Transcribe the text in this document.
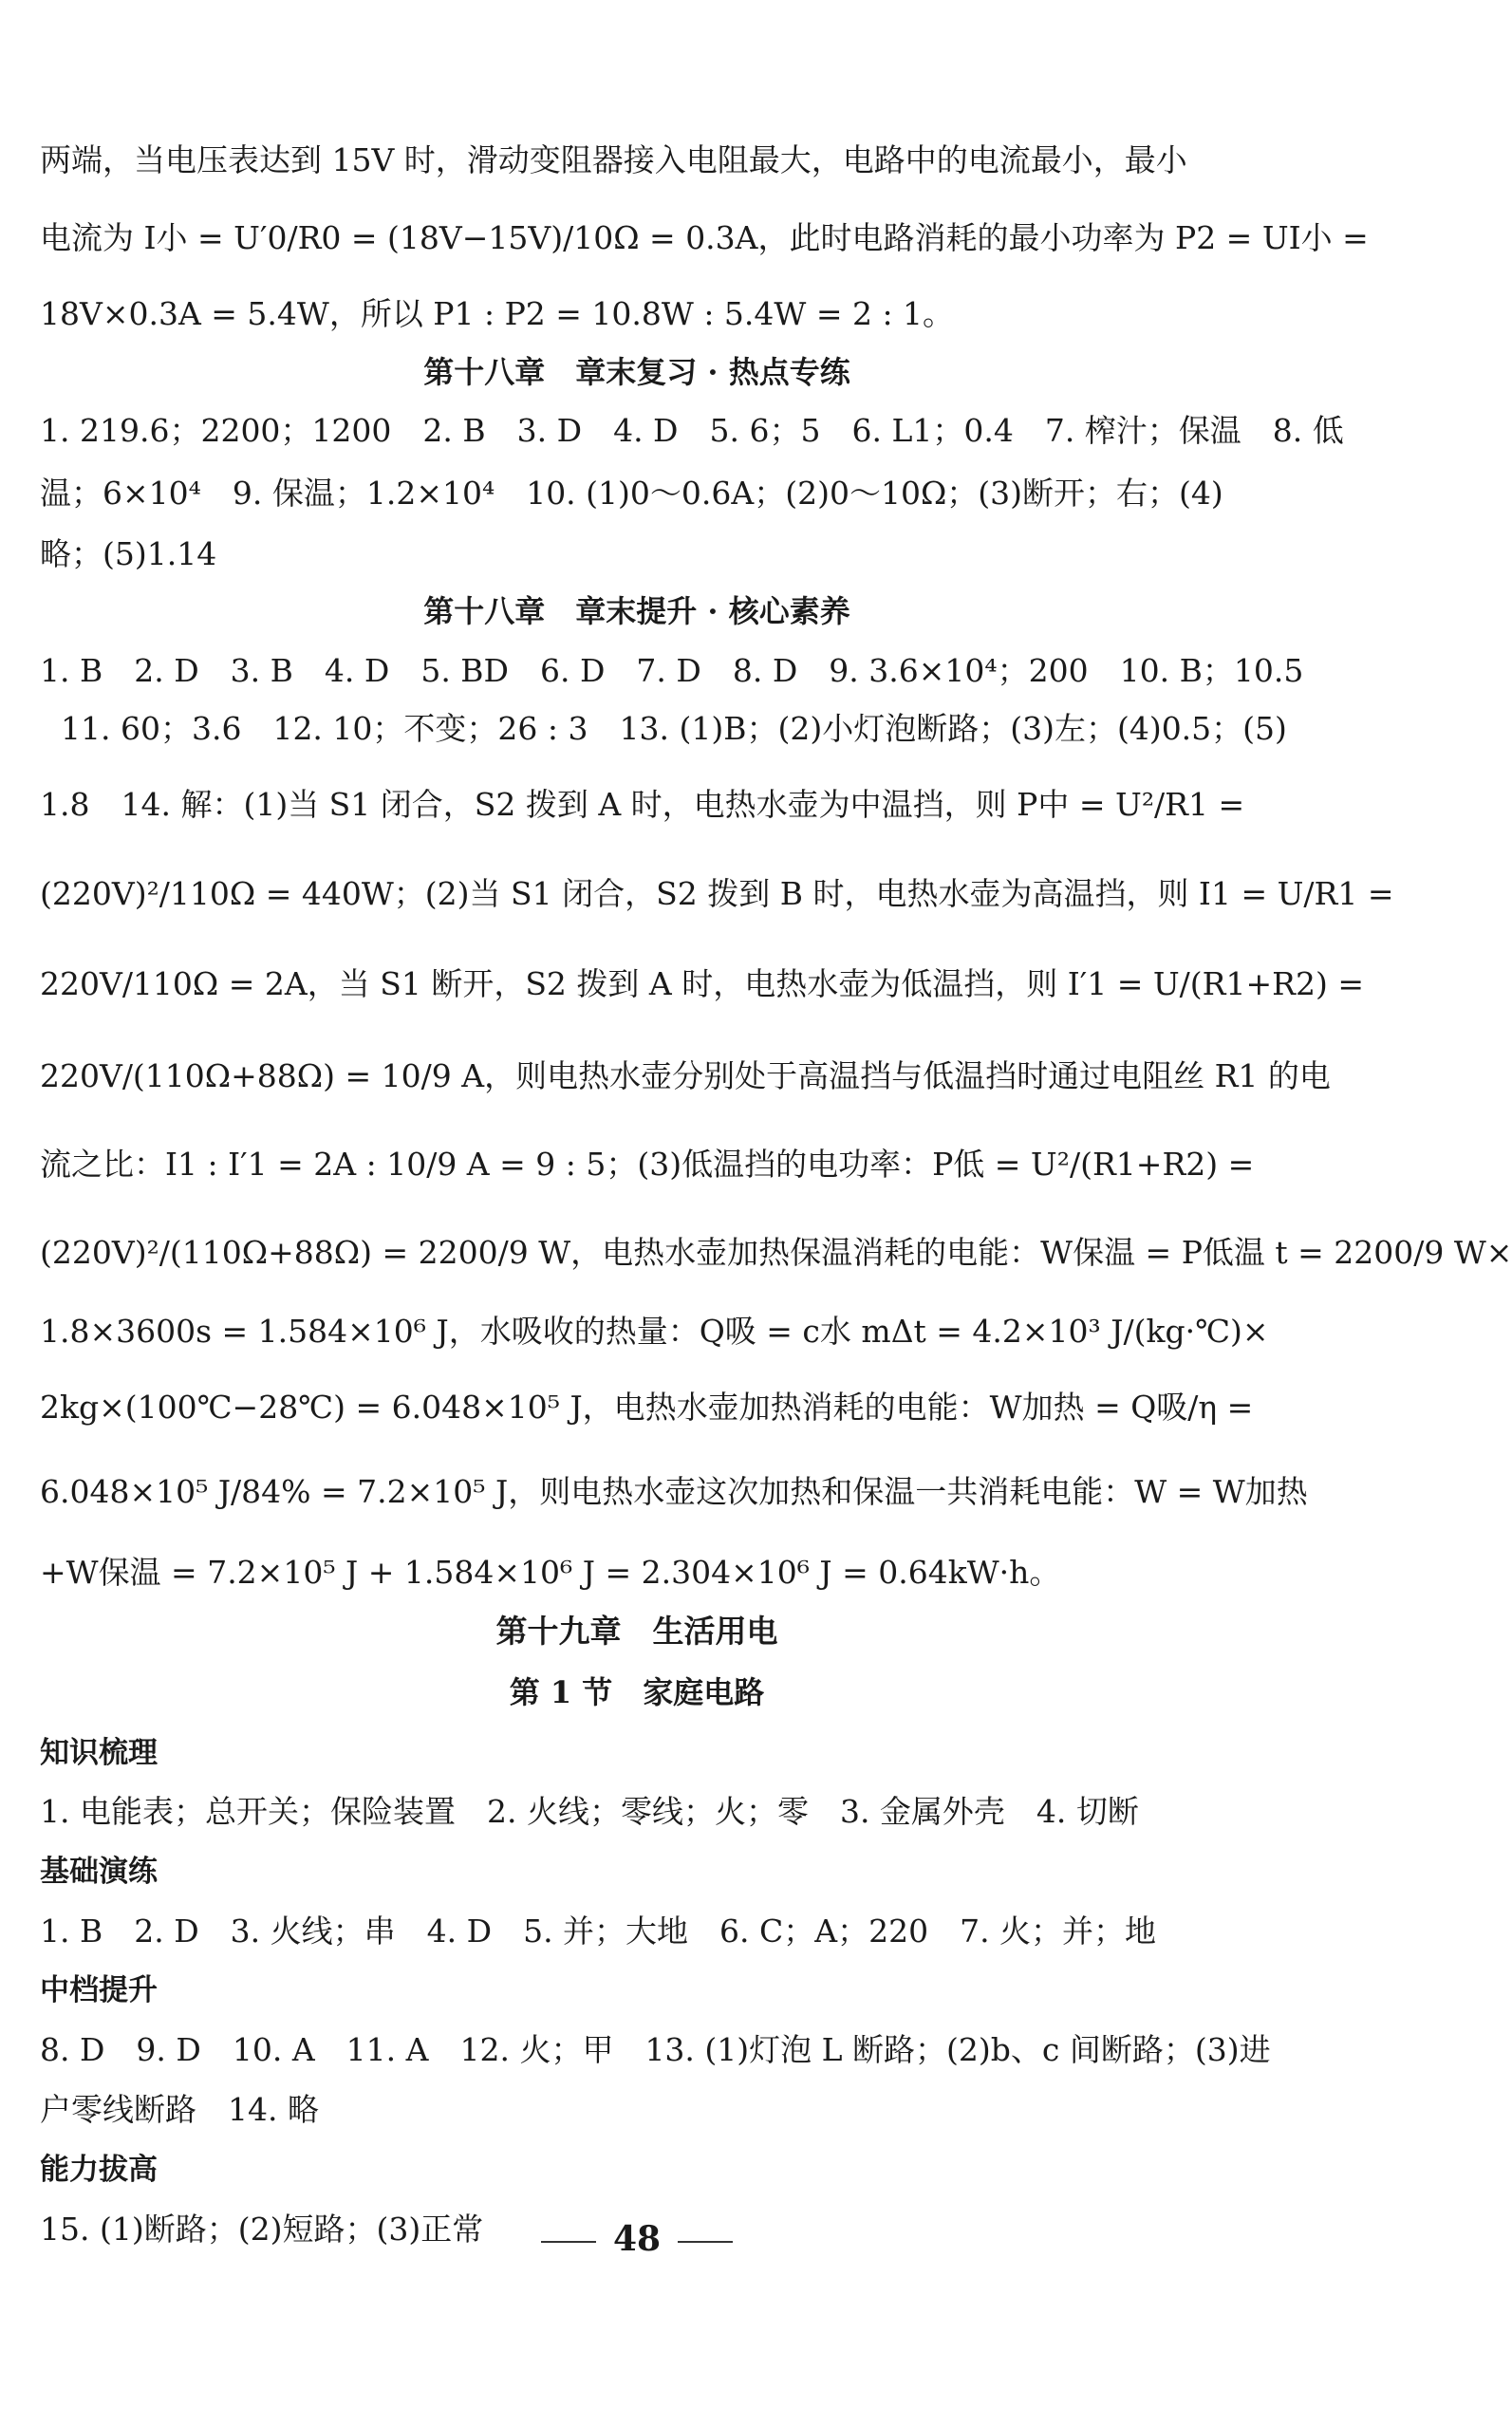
两端，当电压表达到 15V 时，滑动变阻器接入电阻最大，电路中的电流最小，最小
电流为 I小 = U′0/R0 = (18V−15V)/10Ω = 0.3A，此时电路消耗的最小功率为 P2 = UI小 =
18V×0.3A = 5.4W，所以 P1 : P2 = 10.8W : 5.4W = 2 : 1。
第十八章　章末复习 · 热点专练
1. 219.6；2200；1200　2. B　3. D　4. D　5. 6；5　6. L1；0.4　7. 榨汁；保温　8. 低
温；6×10⁴　9. 保温；1.2×10⁴　10. (1)0～0.6A；(2)0～10Ω；(3)断开；右；(4)
略；(5)1.14
第十八章　章末提升 · 核心素养
1. B　2. D　3. B　4. D　5. BD　6. D　7. D　8. D　9. 3.6×10⁴；200　10. B；10.5
11. 60；3.6　12. 10；不变；26 : 3　13. (1)B；(2)小灯泡断路；(3)左；(4)0.5；(5)
1.8　14. 解：(1)当 S1 闭合，S2 拨到 A 时，电热水壶为中温挡，则 P中 = U²/R1 =
(220V)²/110Ω = 440W；(2)当 S1 闭合，S2 拨到 B 时，电热水壶为高温挡，则 I1 = U/R1 =
220V/110Ω = 2A，当 S1 断开，S2 拨到 A 时，电热水壶为低温挡，则 I′1 = U/(R1+R2) =
220V/(110Ω+88Ω) = 10/9 A，则电热水壶分别处于高温挡与低温挡时通过电阻丝 R1 的电
流之比：I1 : I′1 = 2A : 10/9 A = 9 : 5；(3)低温挡的电功率：P低 = U²/(R1+R2) =
(220V)²/(110Ω+88Ω) = 2200/9 W，电热水壶加热保温消耗的电能：W保温 = P低温 t = 2200/9 W×
1.8×3600s = 1.584×10⁶ J，水吸收的热量：Q吸 = c水 mΔt = 4.2×10³ J/(kg·℃)×
2kg×(100℃−28℃) = 6.048×10⁵ J，电热水壶加热消耗的电能：W加热 = Q吸/η =
6.048×10⁵ J/84% = 7.2×10⁵ J，则电热水壶这次加热和保温一共消耗电能：W = W加热
+W保温 = 7.2×10⁵ J + 1.584×10⁶ J = 2.304×10⁶ J = 0.64kW·h。
第十九章　生活用电
第 1 节　家庭电路
知识梳理
1. 电能表；总开关；保险装置　2. 火线；零线；火；零　3. 金属外壳　4. 切断
基础演练
1. B　2. D　3. 火线；串　4. D　5. 并；大地　6. C；A；220　7. 火；并；地
中档提升
8. D　9. D　10. A　11. A　12. 火；甲　13. (1)灯泡 L 断路；(2)b、c 间断路；(3)进
户零线断路　14. 略
能力拔高
15. (1)断路；(2)短路；(3)正常	48
